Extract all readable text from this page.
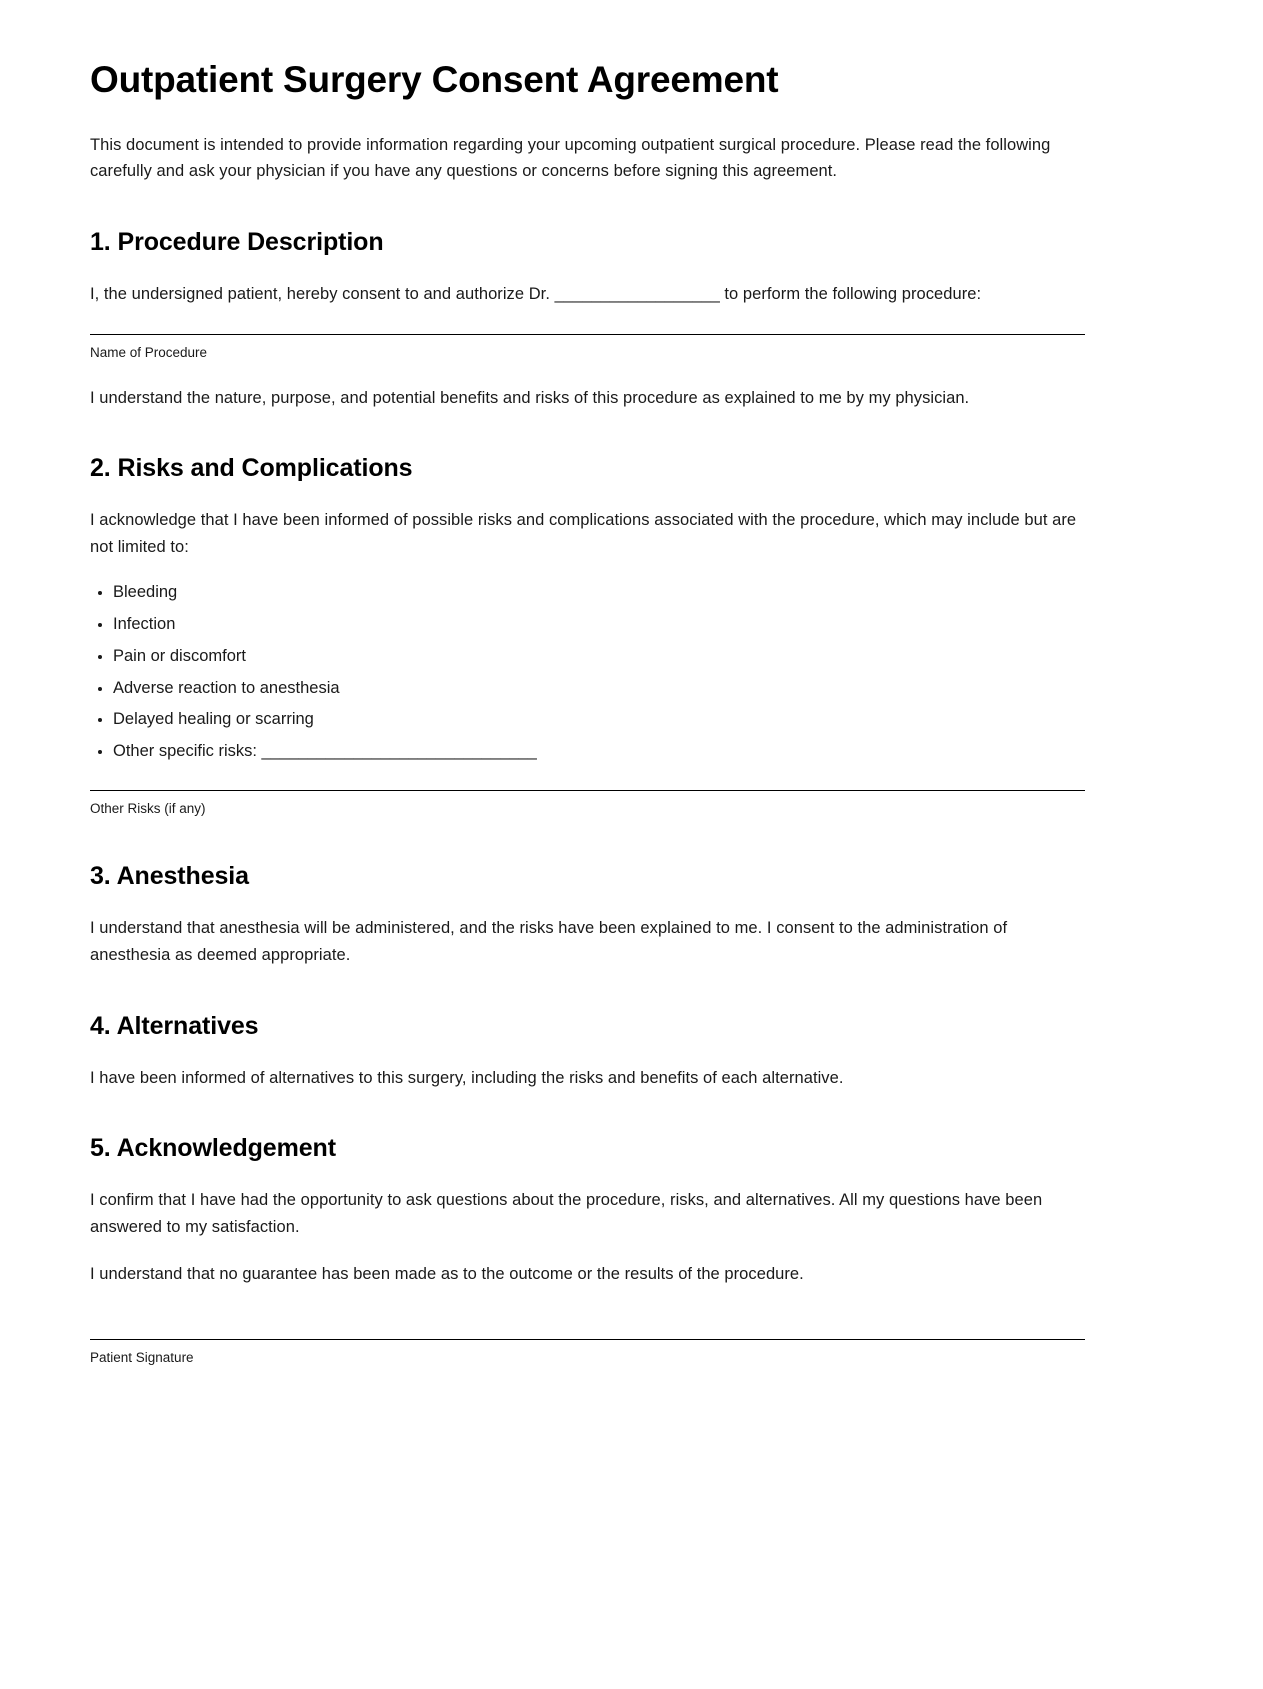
Outpatient Surgery Consent Agreement

This document is intended to provide information regarding your upcoming outpatient surgical procedure. Please read the following carefully and ask your physician if you have any questions or concerns before signing this agreement.

1. Procedure Description

I, the undersigned patient, hereby consent to and authorize Dr. __________________ to perform the following procedure:

Name of Procedure

I understand the nature, purpose, and potential benefits and risks of this procedure as explained to me by my physician.

2. Risks and Complications

I acknowledge that I have been informed of possible risks and complications associated with the procedure, which may include but are not limited to:

Bleeding
Infection
Pain or discomfort
Adverse reaction to anesthesia
Delayed healing or scarring
Other specific risks: ______________________________
Other Risks (if any)
3. Anesthesia

I understand that anesthesia will be administered, and the risks have been explained to me. I consent to the administration of anesthesia as deemed appropriate.

4. Alternatives

I have been informed of alternatives to this surgery, including the risks and benefits of each alternative.

5. Acknowledgement

I confirm that I have had the opportunity to ask questions about the procedure, risks, and alternatives. All my questions have been answered to my satisfaction.

I understand that no guarantee has been made as to the outcome or the results of the procedure.

Patient Signature
